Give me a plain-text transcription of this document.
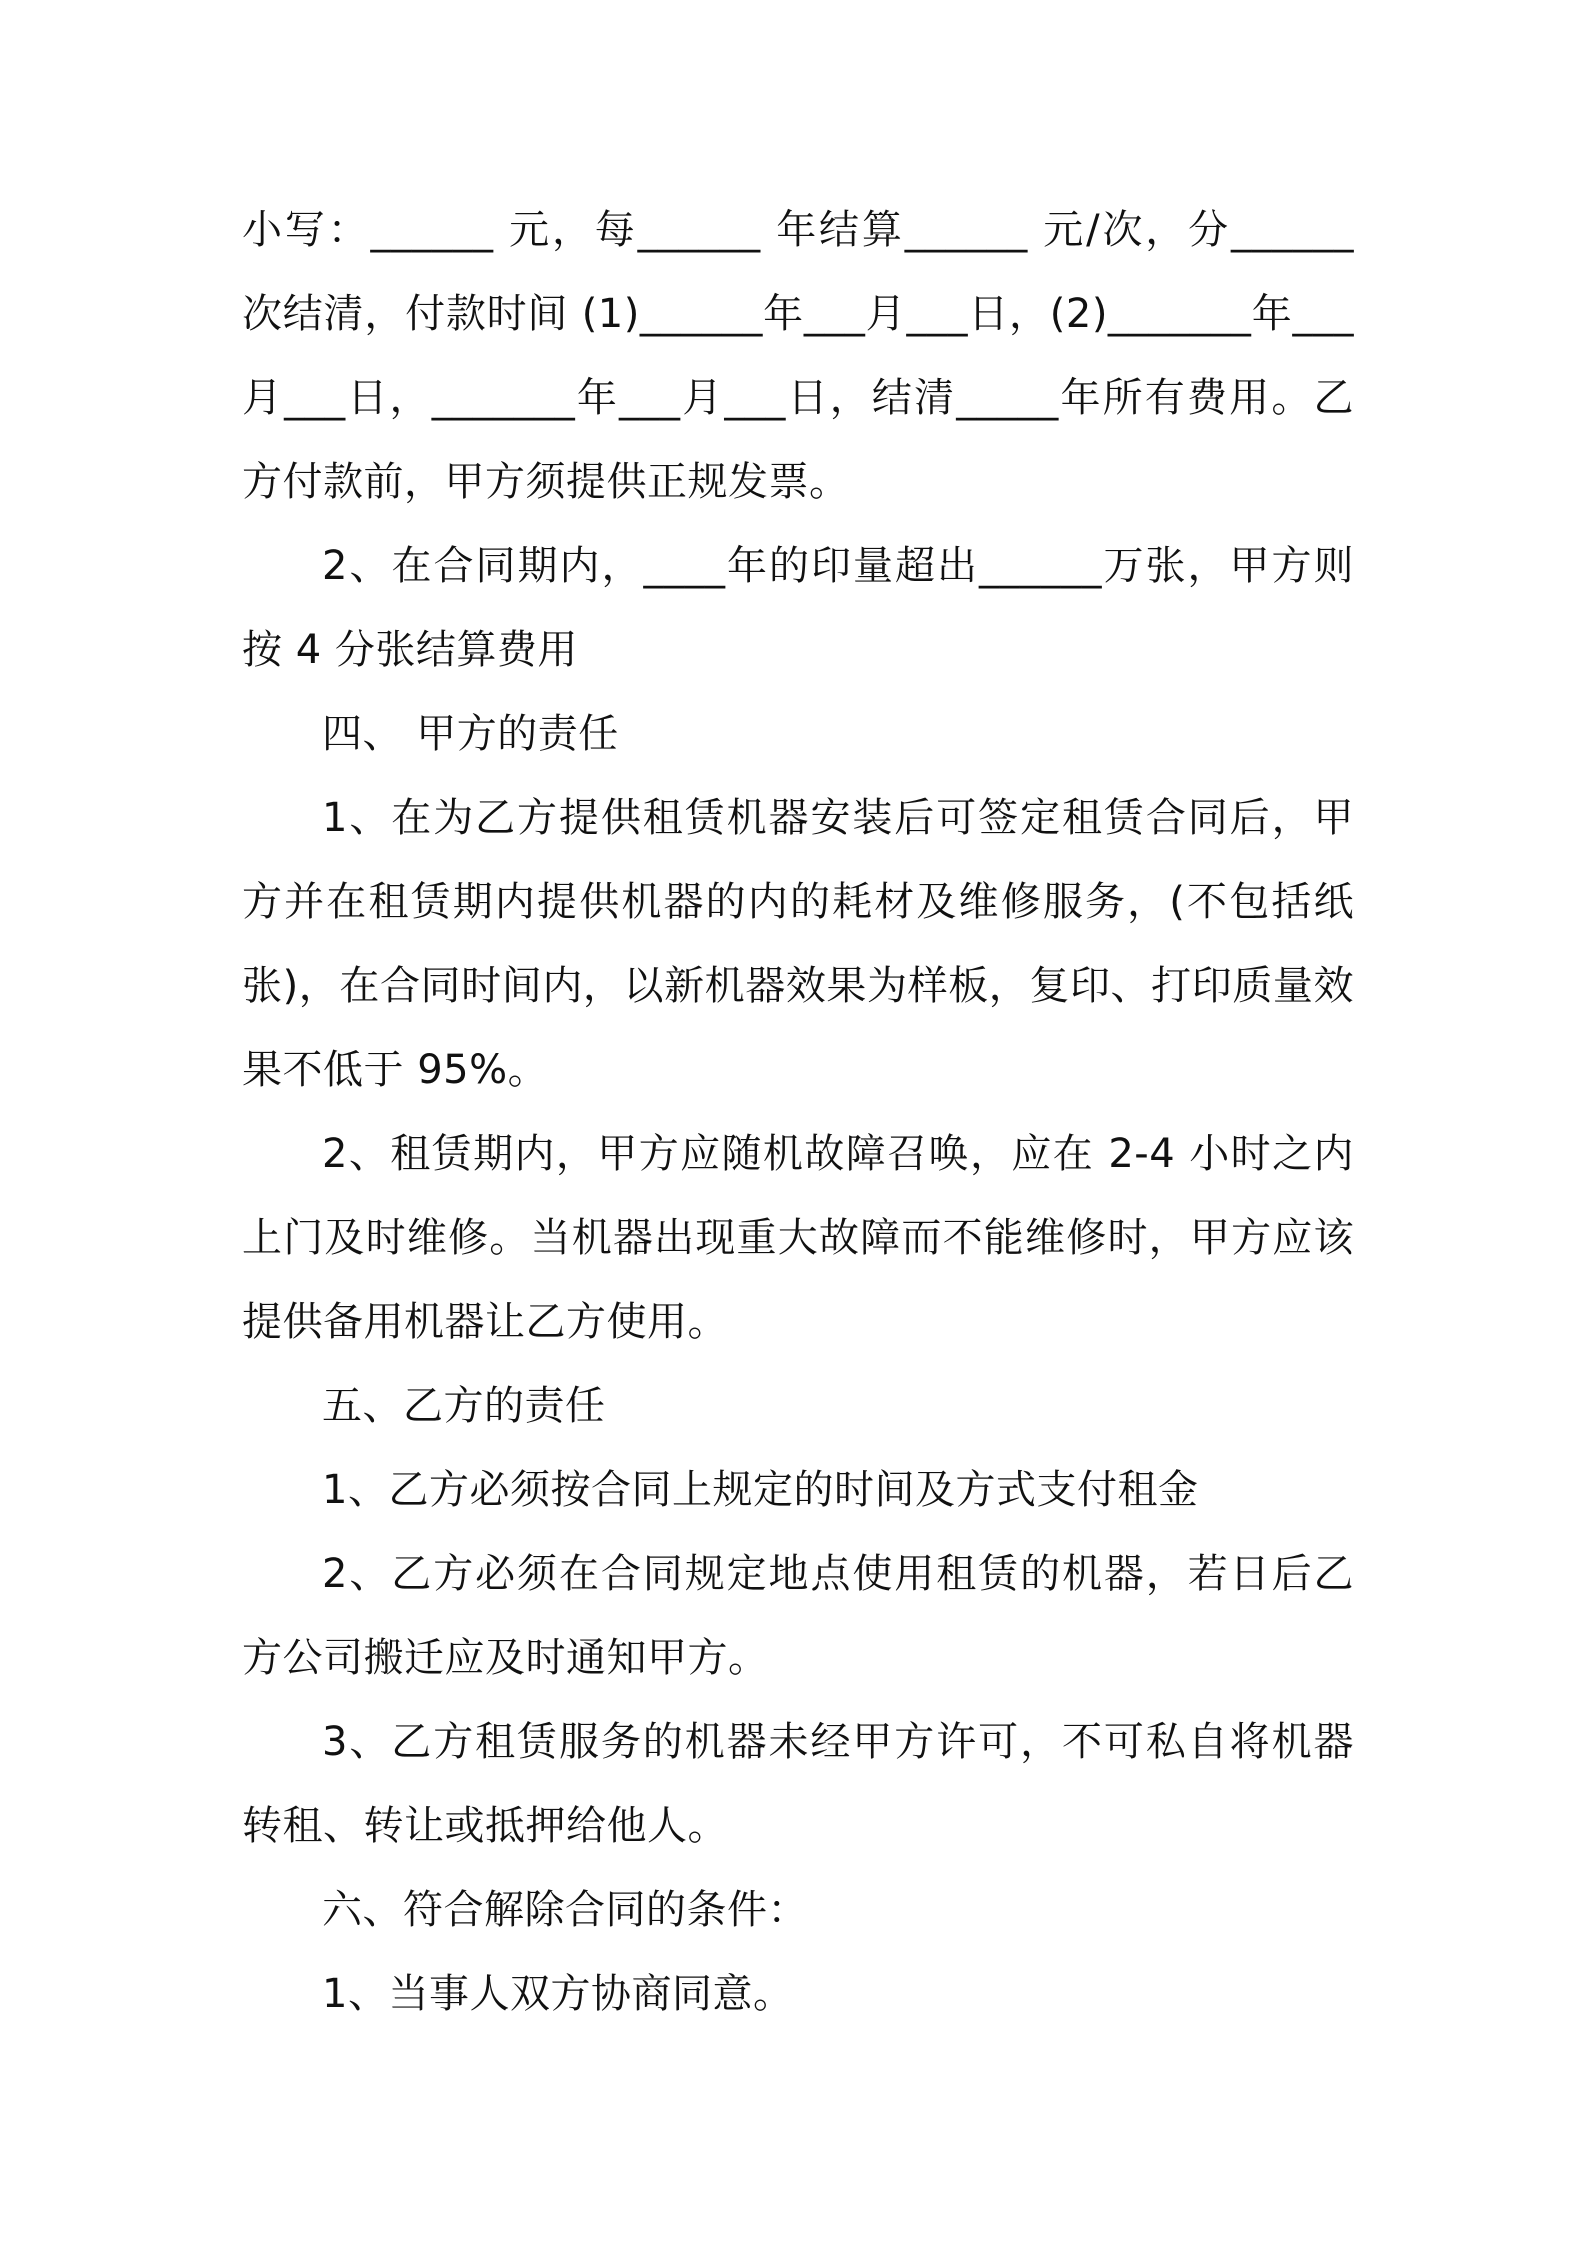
小写：______ 元，每______ 年结算______ 元/次，分______次结清，付款时间 (1)______年___月___日，(2)_______年___月___日，_______年___月___日，结清_____年所有费用。乙方付款前，甲方须提供正规发票。

2、在合同期内，____年的印量超出______万张，甲方则按 4 分张结算费用

四、 甲方的责任

1、在为乙方提供租赁机器安装后可签定租赁合同后，甲方并在租赁期内提供机器的内的耗材及维修服务，(不包括纸张)，在合同时间内，以新机器效果为样板，复印、打印质量效果不低于 95%。

2、租赁期内，甲方应随机故障召唤，应在 2-4 小时之内上门及时维修。当机器出现重大故障而不能维修时，甲方应该提供备用机器让乙方使用。

五、乙方的责任

1、乙方必须按合同上规定的时间及方式支付租金

2、乙方必须在合同规定地点使用租赁的机器，若日后乙方公司搬迁应及时通知甲方。

3、乙方租赁服务的机器未经甲方许可，不可私自将机器转租、转让或抵押给他人。

六、符合解除合同的条件：

1、当事人双方协商同意。
